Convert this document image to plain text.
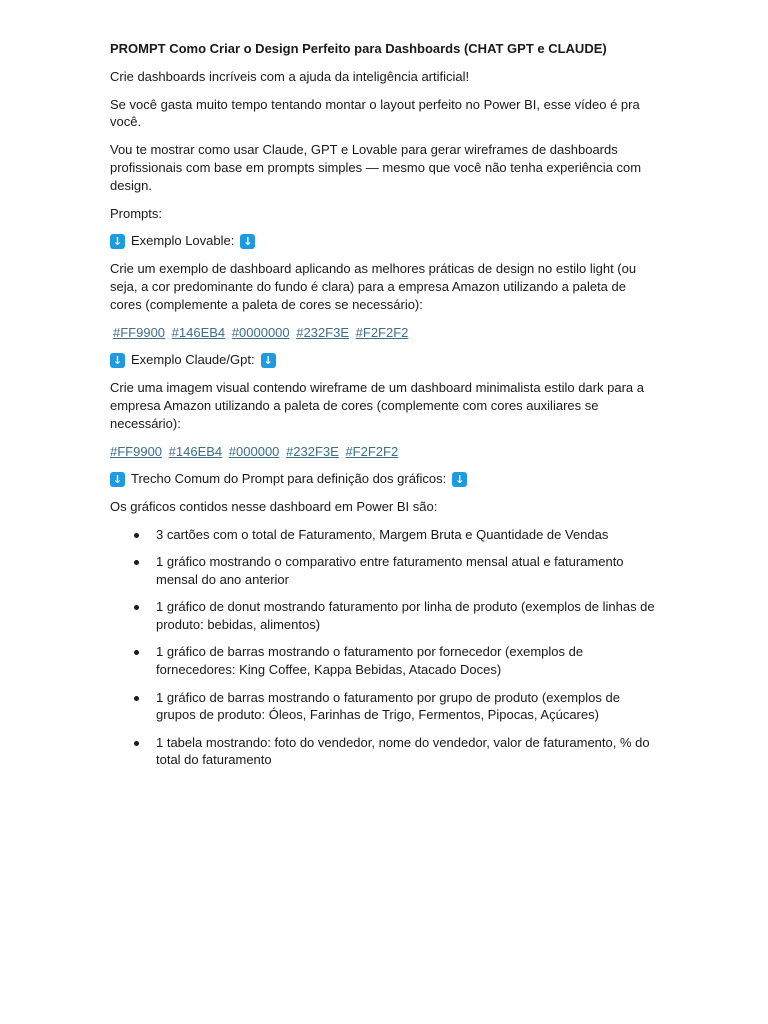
PROMPT Como Criar o Design Perfeito para Dashboards (CHAT GPT e CLAUDE)

Crie dashboards incríveis com a ajuda da inteligência artificial!

Se você gasta muito tempo tentando montar o layout perfeito no Power BI, esse vídeo é pra você.

Vou te mostrar como usar Claude, GPT e Lovable para gerar wireframes de dashboards profissionais com base em prompts simples — mesmo que você não tenha experiência com design.

Prompts:

↓ Exemplo Lovable: ↓

Crie um exemplo de dashboard aplicando as melhores práticas de design no estilo light (ou seja, a cor predominante do fundo é clara) para a empresa Amazon utilizando a paleta de cores (complemente a paleta de cores se necessário):

#FF9900 #146EB4 #0000000 #232F3E #F2F2F2
↓ Exemplo Claude/Gpt: ↓

Crie uma imagem visual contendo wireframe de um dashboard minimalista estilo dark para a empresa Amazon utilizando a paleta de cores (complemente com cores auxiliares se necessário):

#FF9900 #146EB4 #000000 #232F3E #F2F2F2
↓ Trecho Comum do Prompt para definição dos gráficos: ↓

Os gráficos contidos nesse dashboard em Power BI são:

3 cartões com o total de Faturamento, Margem Bruta e Quantidade de Vendas
1 gráfico mostrando o comparativo entre faturamento mensal atual e faturamento mensal do ano anterior
1 gráfico de donut mostrando faturamento por linha de produto (exemplos de linhas de produto: bebidas, alimentos)
1 gráfico de barras mostrando o faturamento por fornecedor (exemplos de fornecedores: King Coffee, Kappa Bebidas, Atacado Doces)
1 gráfico de barras mostrando o faturamento por grupo de produto (exemplos de grupos de produto: Óleos, Farinhas de Trigo, Fermentos, Pipocas, Açúcares)
1 tabela mostrando: foto do vendedor, nome do vendedor, valor de faturamento, % do total do faturamento
